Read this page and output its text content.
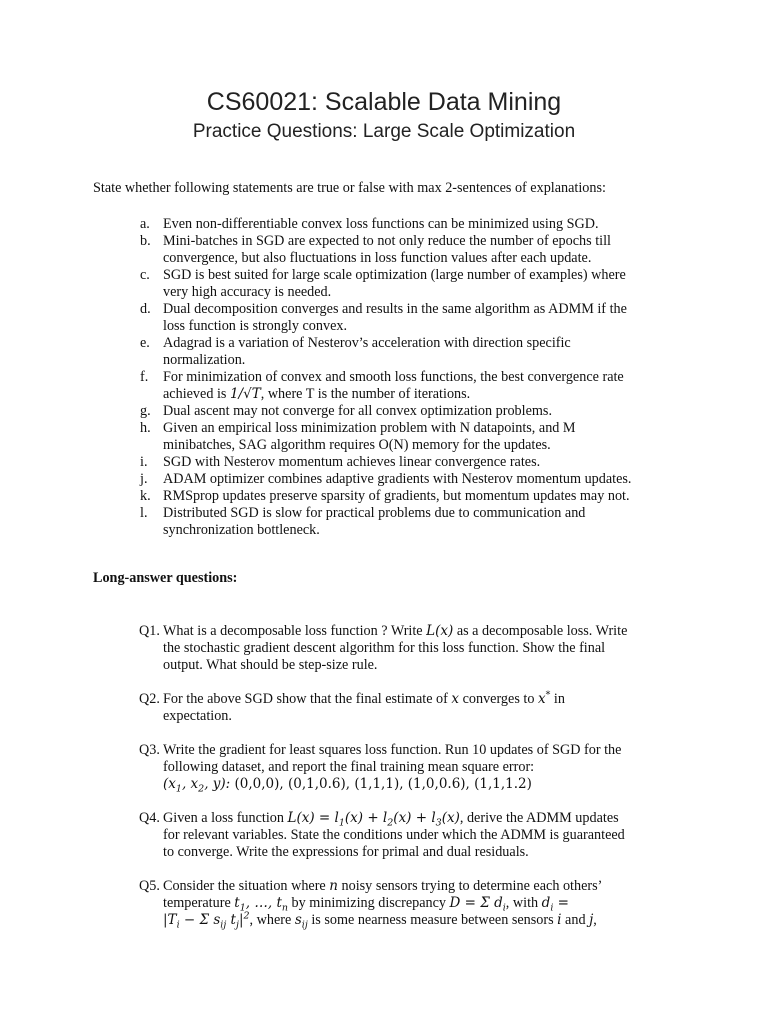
CS60021: Scalable Data Mining
Practice Questions: Large Scale Optimization
State whether following statements are true or false with max 2-sentences of explanations:
a. Even non-differentiable convex loss functions can be minimized using SGD.
b. Mini-batches in SGD are expected to not only reduce the number of epochs till
convergence, but also fluctuations in loss function values after each update.
c. SGD is best suited for large scale optimization (large number of examples) where
very high accuracy is needed.
d. Dual decomposition converges and results in the same algorithm as ADMM if the
loss function is strongly convex.
e. Adagrad is a variation of Nesterov’s acceleration with direction specific
normalization.
f.	For minimization of convex and smooth loss functions, the best convergence rate
achieved is 1/√T, where T is the number of iterations.
g. Dual ascent may not converge for all convex optimization problems.
h. Given an empirical loss minimization problem with N datapoints, and M
minibatches, SAG algorithm requires O(N) memory for the updates.
i.	SGD with Nesterov momentum achieves linear convergence rates.
j.	ADAM optimizer combines adaptive gradients with Nesterov momentum updates.
k. RMSprop updates preserve sparsity of gradients, but momentum updates may not.
l.	Distributed SGD is slow for practical problems due to communication and
synchronization bottleneck.
Long-answer questions:
Q1. What is a decomposable loss function ? Write L(x) as a decomposable loss. Write
the stochastic gradient descent algorithm for this loss function. Show the final
output. What should be step-size rule.
Q2. For the above SGD show that the final estimate of x converges to x* in
expectation.
Q3. Write the gradient for least squares loss function. Run 10 updates of SGD for the
following dataset, and report the final training mean square error:
($x_1$, $x_2$, y): (0,0,0), (0,1,0.6), (1,1,1), (1,0,0.6), (1,1,1.2)
Q4. Given a loss function $L(x) = l_1(x) + l_2(x) + l_3(x)$, derive the ADMM updates
for relevant variables. State the conditions under which the ADMM is guaranteed
to converge. Write the expressions for primal and dual residuals.
Q5. Consider the situation where n noisy sensors trying to determine each others’
temperature $t_1$, …, $t_n$ by minimizing discrepancy D = Σ $d_i$, with $d_i$ =
$|T_i - \Sigma$ $s_{ij}$ $t_j|^2$, where $s_{ij}$ is some nearness measure between sensors i and j,
